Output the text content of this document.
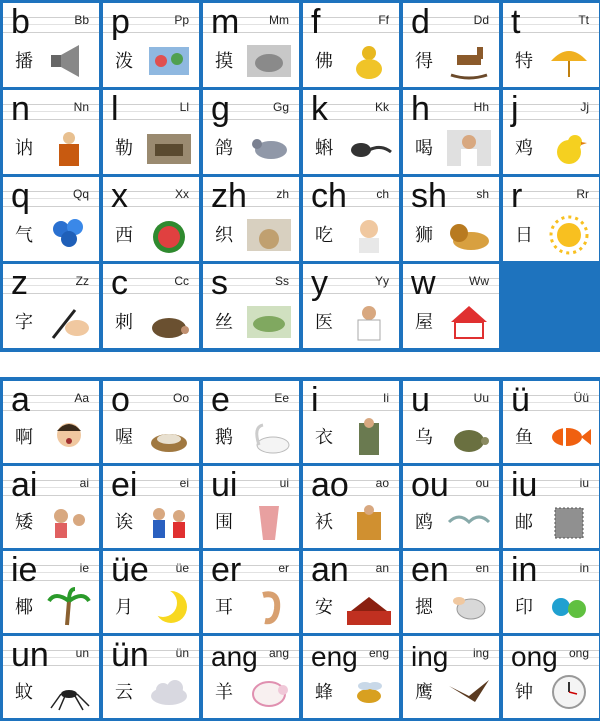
b	Bb
播
p	Pp
泼
m Mm
摸
f	Ff
佛
d	Dd
得
t	Tt
特
n	Nn
讷
l	Ll
勒
g	Gg
鸽
k	Kk
蝌
h	Hh
喝
j	Jj
鸡
q	Qq
气
x	Xx
西
zh zh
织
ch ch
吃
sh sh
狮
r	Rr
日
z	Zz
字
c	Cc
刺
s	Ss
丝
y	Yy
医
w	Ww
屋
a	Aa
啊
o	Oo
喔
e	Ee
鹅
i	Ii
衣
u	Uu
乌
ü	Üü
鱼
ai	ai
矮
ei	ei
诶
ui	ui
围
ao ao
袄
ou ou
鸥
iu	iu
邮
ie	ie
椰
üe üe
月
er	er
耳
an an
安
en en
摁
in	in
印
un un
蚊
ün ün
云
ang ang
羊
eng eng
蜂
ing ing
鹰
ong ong
钟
